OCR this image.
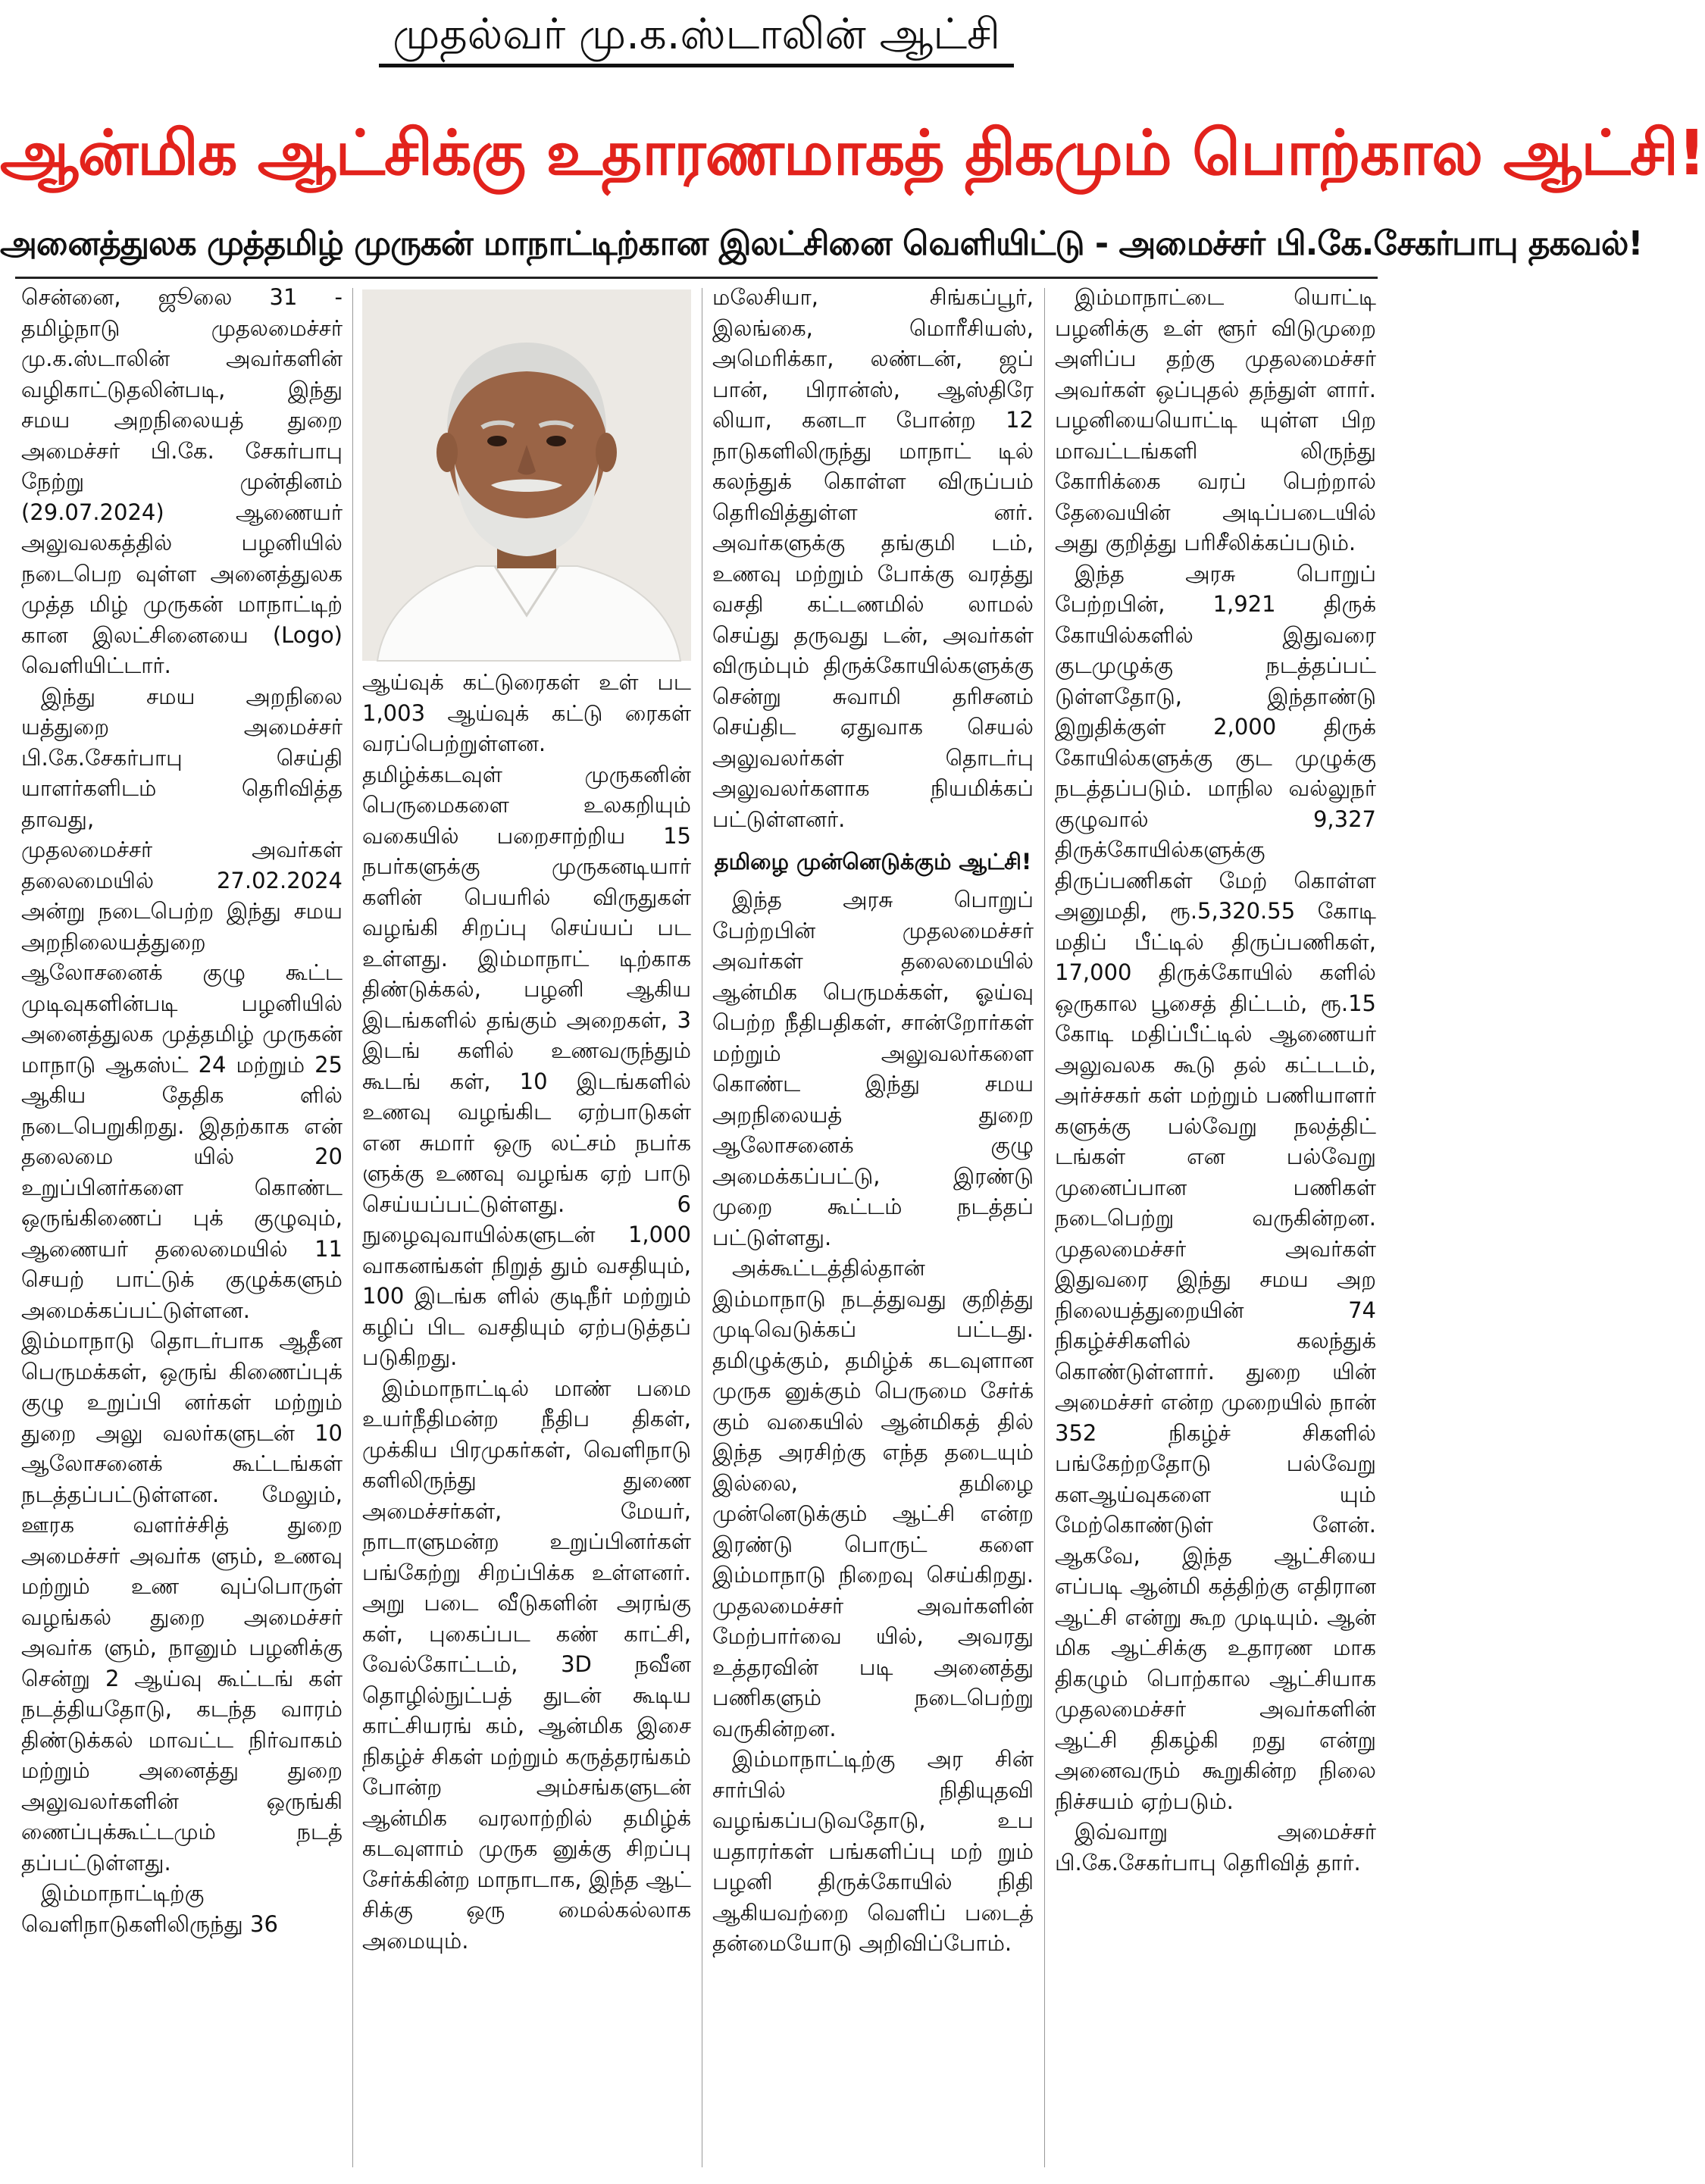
முதல்வர் மு.க.ஸ்டாலின் ஆட்சி
ஆன்மிக ஆட்சிக்கு உதாரணமாகத் திகமும் பொற்கால ஆட்சி!
அனைத்துலக முத்தமிழ் முருகன் மாநாட்டிற்கான இலட்சினை வெளியிட்டு - அமைச்சர் பி.கே.சேகர்பாபு தகவல்!

சென்னை, ஜூலை 31 - தமிழ்நாடு முதலமைச்சர் மு.க.ஸ்டாலின் அவர்களின் வழிகாட்டுதலின்படி, இந்து சமய அறநிலையத் துறை அமைச்சர் பி.கே. சேகர்பாபு நேற்று முன்தினம் (29.07.2024) ஆணையர் அலுவலகத்தில் பழனியில் நடைபெற வுள்ள அனைத்துலக முத்த மிழ் முருகன் மாநாட்டிற் கான இலட்சினையை (Logo) வெளியிட்டார்.

இந்து சமய அறநிலை யத்துறை அமைச்சர் பி.கே.சேகர்பாபு செய்தி யாளர்களிடம் தெரிவித்த தாவது,

முதலமைச்சர் அவர்கள் தலைமையில் 27.02.2024 அன்று நடைபெற்ற இந்து சமய அறநிலையத்துறை ஆலோசனைக் குழு கூட்ட முடிவுகளின்படி பழனியில் அனைத்துலக முத்தமிழ் முருகன் மாநாடு ஆகஸ்ட் 24 மற்றும் 25 ஆகிய தேதிக ளில் நடைபெறுகிறது. இதற்காக என் தலைமை யில் 20 உறுப்பினர்களை கொண்ட ஒருங்கிணைப் புக் குழுவும், ஆணையர் தலைமையில் 11 செயற் பாட்டுக் குழுக்களும் அமைக்கப்பட்டுள்ளன. இம்மாநாடு தொடர்பாக ஆதீன பெருமக்கள், ஒருங் கிணைப்புக் குழு உறுப்பி னர்கள் மற்றும் துறை அலு வலர்களுடன் 10 ஆலோசனைக் கூட்டங்கள் நடத்தப்பட்டுள்ளன. மேலும், ஊரக வளர்ச்சித் துறை அமைச்சர் அவர்க ளும், உணவு மற்றும் உண வுப்பொருள் வழங்கல் துறை அமைச்சர் அவர்க ளும், நானும் பழனிக்கு சென்று 2 ஆய்வு கூட்டங் கள் நடத்தியதோடு, கடந்த வாரம் திண்டுக்கல் மாவட்ட நிர்வாகம் மற்றும் அனைத்து துறை அலுவலர்களின் ஒருங்கி ணைப்புக்கூட்டமும் நடத் தப்பட்டுள்ளது.

இம்மாநாட்டிற்கு வெளிநாடுகளிலிருந்து 36

ஆய்வுக் கட்டுரைகள் உள் பட 1,003 ஆய்வுக் கட்டு ரைகள் வரப்பெற்றுள்ளன. தமிழ்க்கடவுள் முருகனின் பெருமைகளை உலகறியும் வகையில் பறைசாற்றிய 15 நபர்களுக்கு முருகனடியார் களின் பெயரில் விருதுகள் வழங்கி சிறப்பு செய்யப் பட உள்ளது. இம்மாநாட் டிற்காக திண்டுக்கல், பழனி ஆகிய இடங்களில் தங்கும் அறைகள், 3 இடங் களில் உணவருந்தும் கூடங் கள், 10 இடங்களில் உணவு வழங்கிட ஏற்பாடுகள் என சுமார் ஒரு லட்சம் நபர்க ளுக்கு உணவு வழங்க ஏற் பாடு செய்யப்பட்டுள்ளது. 6 நுழைவுவாயில்களுடன் 1,000 வாகனங்கள் நிறுத் தும் வசதியும், 100 இடங்க ளில் குடிநீர் மற்றும் கழிப் பிட வசதியும் ஏற்படுத்தப் படுகிறது.

இம்மாநாட்டில் மாண் பமை உயர்நீதிமன்ற நீதிப திகள், முக்கிய பிரமுகர்கள், வெளிநாடு களிலிருந்து துணை அமைச்சர்கள், மேயர், நாடாளுமன்ற உறுப்பினர்கள் பங்கேற்று சிறப்பிக்க உள்ளனர். அறு படை வீடுகளின் அரங்கு கள், புகைப்பட கண் காட்சி, வேல்கோட்டம், 3D நவீன தொழில்நுட்பத் துடன் கூடிய காட்சியரங் கம், ஆன்மிக இசை நிகழ்ச் சிகள் மற்றும் கருத்தரங்கம் போன்ற அம்சங்களுடன் ஆன்மிக வரலாற்றில் தமிழ்க் கடவுளாம் முருக னுக்கு சிறப்பு சேர்க்கின்ற மாநாடாக, இந்த ஆட் சிக்கு ஒரு மைல்கல்லாக அமையும்.

மலேசியா, சிங்கப்பூர், இலங்கை, மொரீசியஸ், அமெரிக்கா, லண்டன், ஜப் பான், பிரான்ஸ், ஆஸ்திரே லியா, கனடா போன்ற 12 நாடுகளிலிருந்து மாநாட் டில் கலந்துக் கொள்ள விருப்பம் தெரிவித்துள்ள னர். அவர்களுக்கு தங்குமி டம், உணவு மற்றும் போக்கு வரத்து வசதி கட்டணமில் லாமல் செய்து தருவது டன், அவர்கள் விரும்பும் திருக்கோயில்களுக்கு சென்று சுவாமி தரிசனம் செய்திட ஏதுவாக செயல் அலுவலர்கள் தொடர்பு அலுவலர்களாக நியமிக்கப் பட்டுள்ளனர்.

தமிழை முன்னெடுக்கும் ஆட்சி!

இந்த அரசு பொறுப் பேற்றபின் முதலமைச்சர் அவர்கள் தலைமையில் ஆன்மிக பெருமக்கள், ஓய்வு பெற்ற நீதிபதிகள், சான்றோர்கள் மற்றும் அலுவலர்களை கொண்ட இந்து சமய அறநிலையத் துறை ஆலோசனைக் குழு அமைக்கப்பட்டு, இரண்டு முறை கூட்டம் நடத்தப் பட்டுள்ளது.

அக்கூட்டத்தில்தான் இம்மாநாடு நடத்துவது குறித்து முடிவெடுக்கப் பட்டது. தமிழுக்கும், தமிழ்க் கடவுளான முருக னுக்கும் பெருமை சேர்க் கும் வகையில் ஆன்மிகத் தில் இந்த அரசிற்கு எந்த தடையும் இல்லை, தமிழை முன்னெடுக்கும் ஆட்சி என்ற இரண்டு பொருட் களை இம்மாநாடு நிறைவு செய்கிறது. முதலமைச்சர் அவர்களின் மேற்பார்வை யில், அவரது உத்தரவின் படி அனைத்து பணிகளும் நடைபெற்று வருகின்றன.

இம்மாநாட்டிற்கு அர சின் சார்பில் நிதியுதவி வழங்கப்படுவதோடு, உப யதாரர்கள் பங்களிப்பு மற் றும் பழனி திருக்கோயில் நிதி ஆகியவற்றை வெளிப் படைத் தன்மையோடு அறிவிப்போம்.

இம்மாநாட்டை யொட்டி பழனிக்கு உள் ளூர் விடுமுறை அளிப்ப தற்கு முதலமைச்சர் அவர்கள் ஒப்புதல் தந்துள் ளார். பழனியையொட்டி யுள்ள பிற மாவட்டங்களி லிருந்து கோரிக்கை வரப் பெற்றால் தேவையின் அடிப்படையில் அது குறித்து பரிசீலிக்கப்படும்.

இந்த அரசு பொறுப் பேற்றபின், 1,921 திருக் கோயில்களில் இதுவரை குடமுழுக்கு நடத்தப்பட் டுள்ளதோடு, இந்தாண்டு இறுதிக்குள் 2,000 திருக் கோயில்களுக்கு குட முழுக்கு நடத்தப்படும். மாநில வல்லுநர் குழுவால் 9,327 திருக்கோயில்களுக்கு திருப்பணிகள் மேற் கொள்ள அனுமதி, ரூ.5,320.55 கோடி மதிப் பீட்டில் திருப்பணிகள், 17,000 திருக்கோயில் களில் ஒருகால பூசைத் திட்டம், ரூ.15 கோடி மதிப்பீட்டில் ஆணையர் அலுவலக கூடு தல் கட்டடம், அர்ச்சகர் கள் மற்றும் பணியாளர் களுக்கு பல்வேறு நலத்திட் டங்கள் என பல்வேறு முனைப்பான பணிகள் நடைபெற்று வருகின்றன. முதலமைச்சர் அவர்கள் இதுவரை இந்து சமய அற நிலையத்துறையின் 74 நிகழ்ச்சிகளில் கலந்துக் கொண்டுள்ளார். துறை யின் அமைச்சர் என்ற முறையில் நான் 352 நிகழ்ச் சிகளில் பங்கேற்றதோடு பல்வேறு களஆய்வுகளை யும் மேற்கொண்டுள் ளேன். ஆகவே, இந்த ஆட்சியை எப்படி ஆன்மி கத்திற்கு எதிரான ஆட்சி என்று கூற முடியும். ஆன் மிக ஆட்சிக்கு உதாரண மாக திகழும் பொற்கால ஆட்சியாக முதலமைச்சர் அவர்களின் ஆட்சி திகழ்கி றது என்று அனைவரும் கூறுகின்ற நிலை நிச்சயம் ஏற்படும்.

இவ்வாறு அமைச்சர் பி.கே.சேகர்பாபு தெரிவித் தார்.
